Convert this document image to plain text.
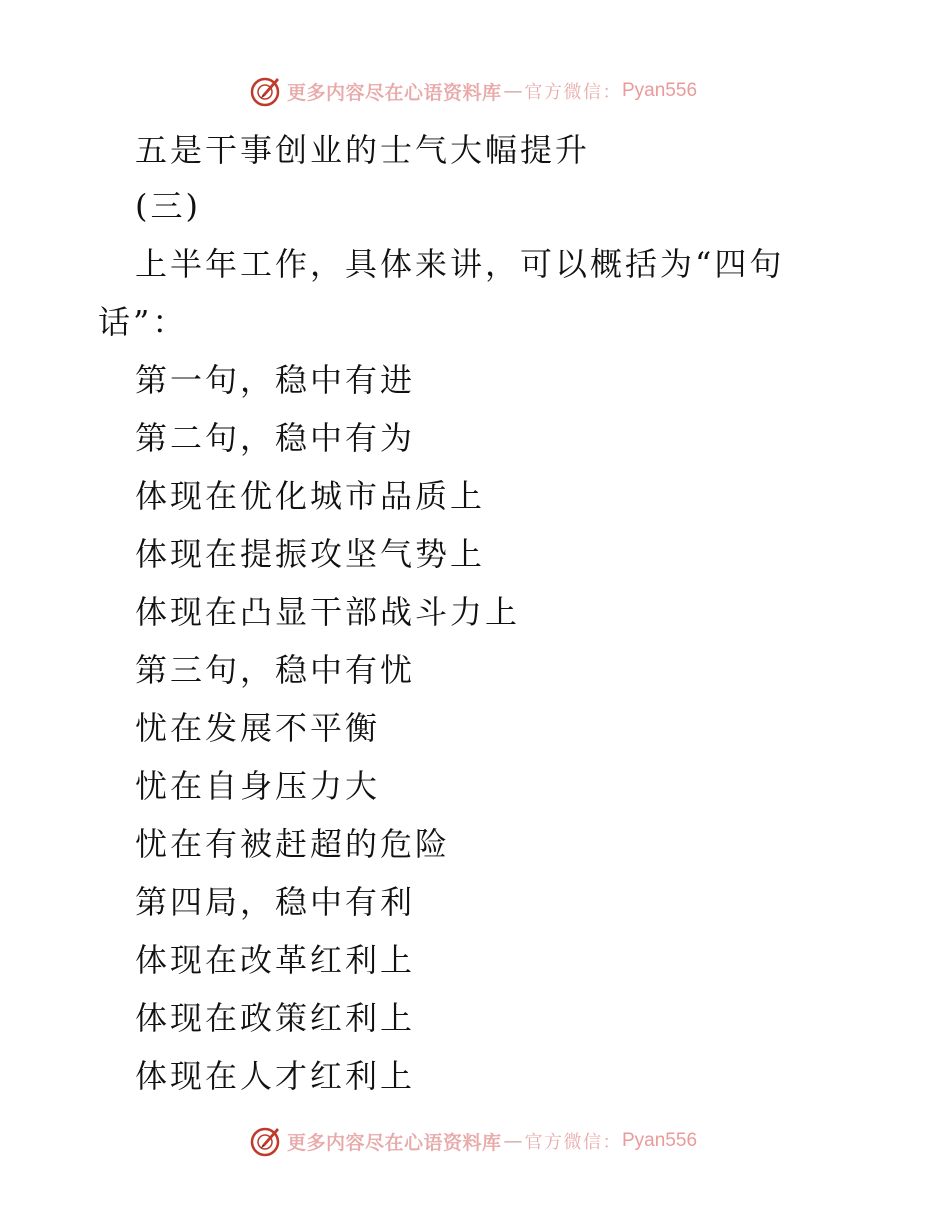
更多内容尽在心语资料库 — 官方微信： Pyan556
五是干事创业的士气大幅提升
(三)
上半年工作，具体来讲，可以概括为“四句
话”：
第一句，稳中有进
第二句，稳中有为
体现在优化城市品质上
体现在提振攻坚气势上
体现在凸显干部战斗力上
第三句，稳中有忧
忧在发展不平衡
忧在自身压力大
忧在有被赶超的危险
第四局，稳中有利
体现在改革红利上
体现在政策红利上
体现在人才红利上
更多内容尽在心语资料库 — 官方微信： Pyan556
